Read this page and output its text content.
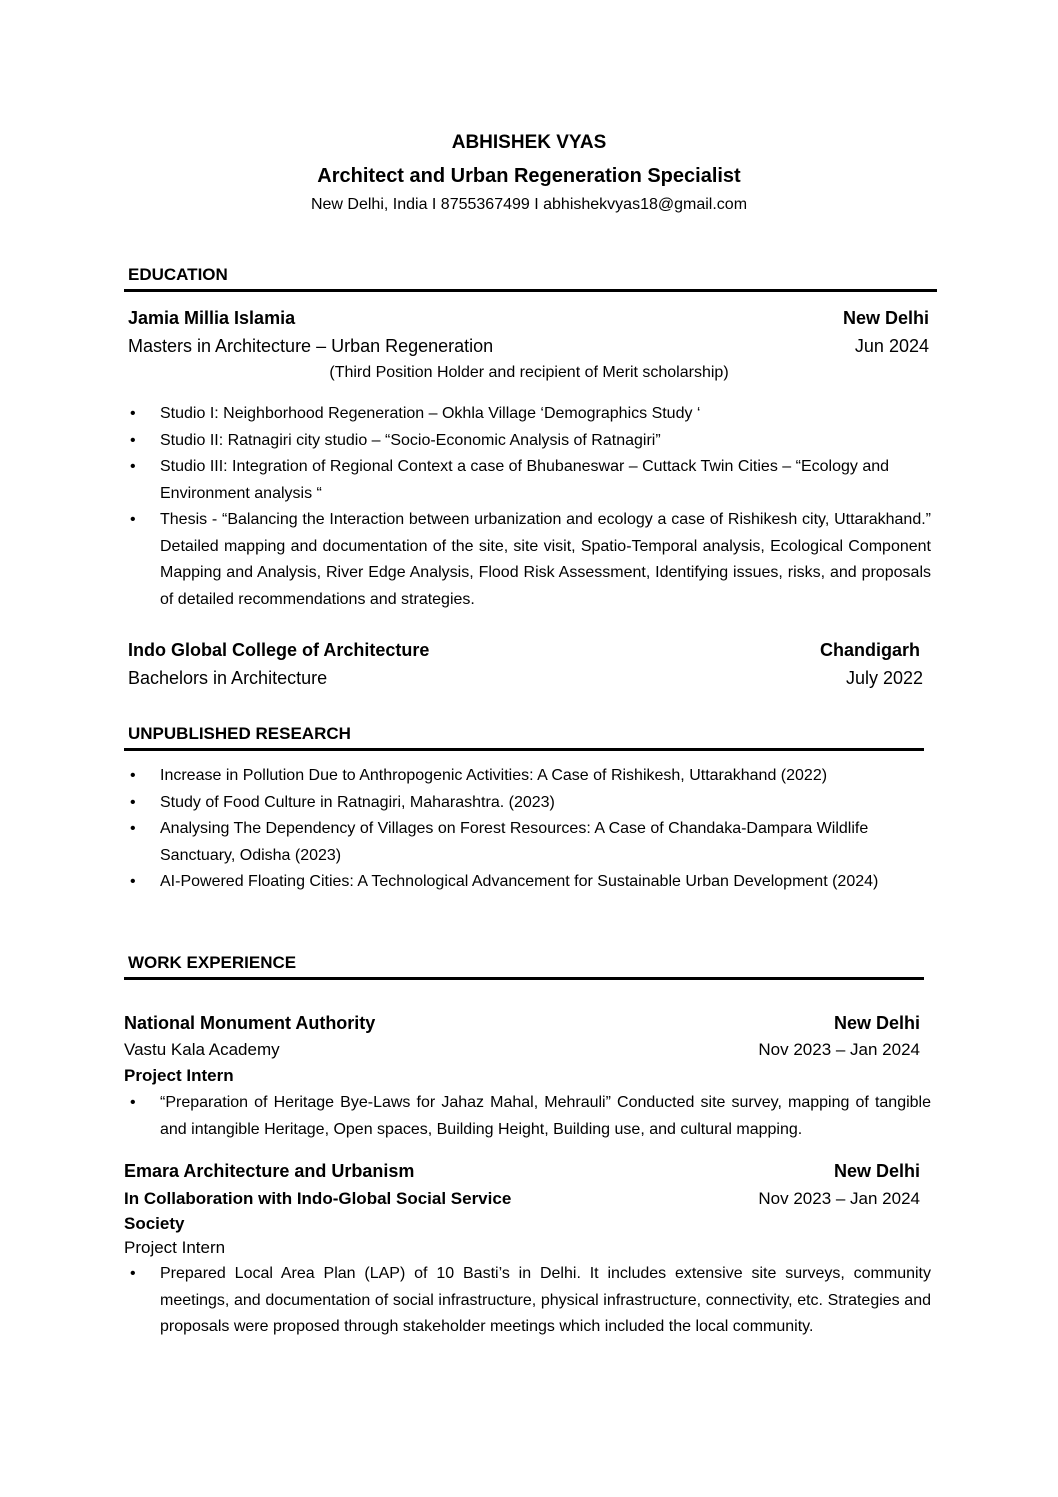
ABHISHEK VYAS
Architect and Urban Regeneration Specialist
New Delhi, India I 8755367499 I abhishekvyas18@gmail.com
EDUCATION
Jamia Millia Islamia	New Delhi
Masters in Architecture – Urban Regeneration	Jun 2024
(Third Position Holder and recipient of Merit scholarship)
• Studio I: Neighborhood Regeneration – Okhla Village ‘Demographics Study ‘
• Studio II: Ratnagiri city studio – “Socio-Economic Analysis of Ratnagiri”
• Studio III: Integration of Regional Context a case of Bhubaneswar – Cuttack Twin Cities – “Ecology and Environment analysis “
• Thesis - “Balancing the Interaction between urbanization and ecology a case of Rishikesh city, Uttarakhand.” Detailed mapping and documentation of the site, site visit, Spatio-Temporal analysis, Ecological Component Mapping and Analysis, River Edge Analysis, Flood Risk Assessment, Identifying issues, risks, and proposals of detailed recommendations and strategies.
Indo Global College of Architecture	Chandigarh
Bachelors in Architecture	July 2022
UNPUBLISHED RESEARCH
• Increase in Pollution Due to Anthropogenic Activities: A Case of Rishikesh, Uttarakhand (2022)
• Study of Food Culture in Ratnagiri, Maharashtra. (2023)
• Analysing The Dependency of Villages on Forest Resources: A Case of Chandaka-Dampara Wildlife Sanctuary, Odisha (2023)
• AI-Powered Floating Cities: A Technological Advancement for Sustainable Urban Development (2024)
WORK EXPERIENCE
National Monument Authority	New Delhi
Vastu Kala Academy	Nov 2023 – Jan 2024
Project Intern
• “Preparation of Heritage Bye-Laws for Jahaz Mahal, Mehrauli” Conducted site survey, mapping of tangible and intangible Heritage, Open spaces, Building Height, Building use, and cultural mapping.
Emara Architecture and Urbanism	New Delhi
In Collaboration with Indo-Global Social Service	Nov 2023 – Jan 2024
Society
Project Intern
• Prepared Local Area Plan (LAP) of 10 Basti’s in Delhi. It includes extensive site surveys, community meetings, and documentation of social infrastructure, physical infrastructure, connectivity, etc. Strategies and proposals were proposed through stakeholder meetings which included the local community.
